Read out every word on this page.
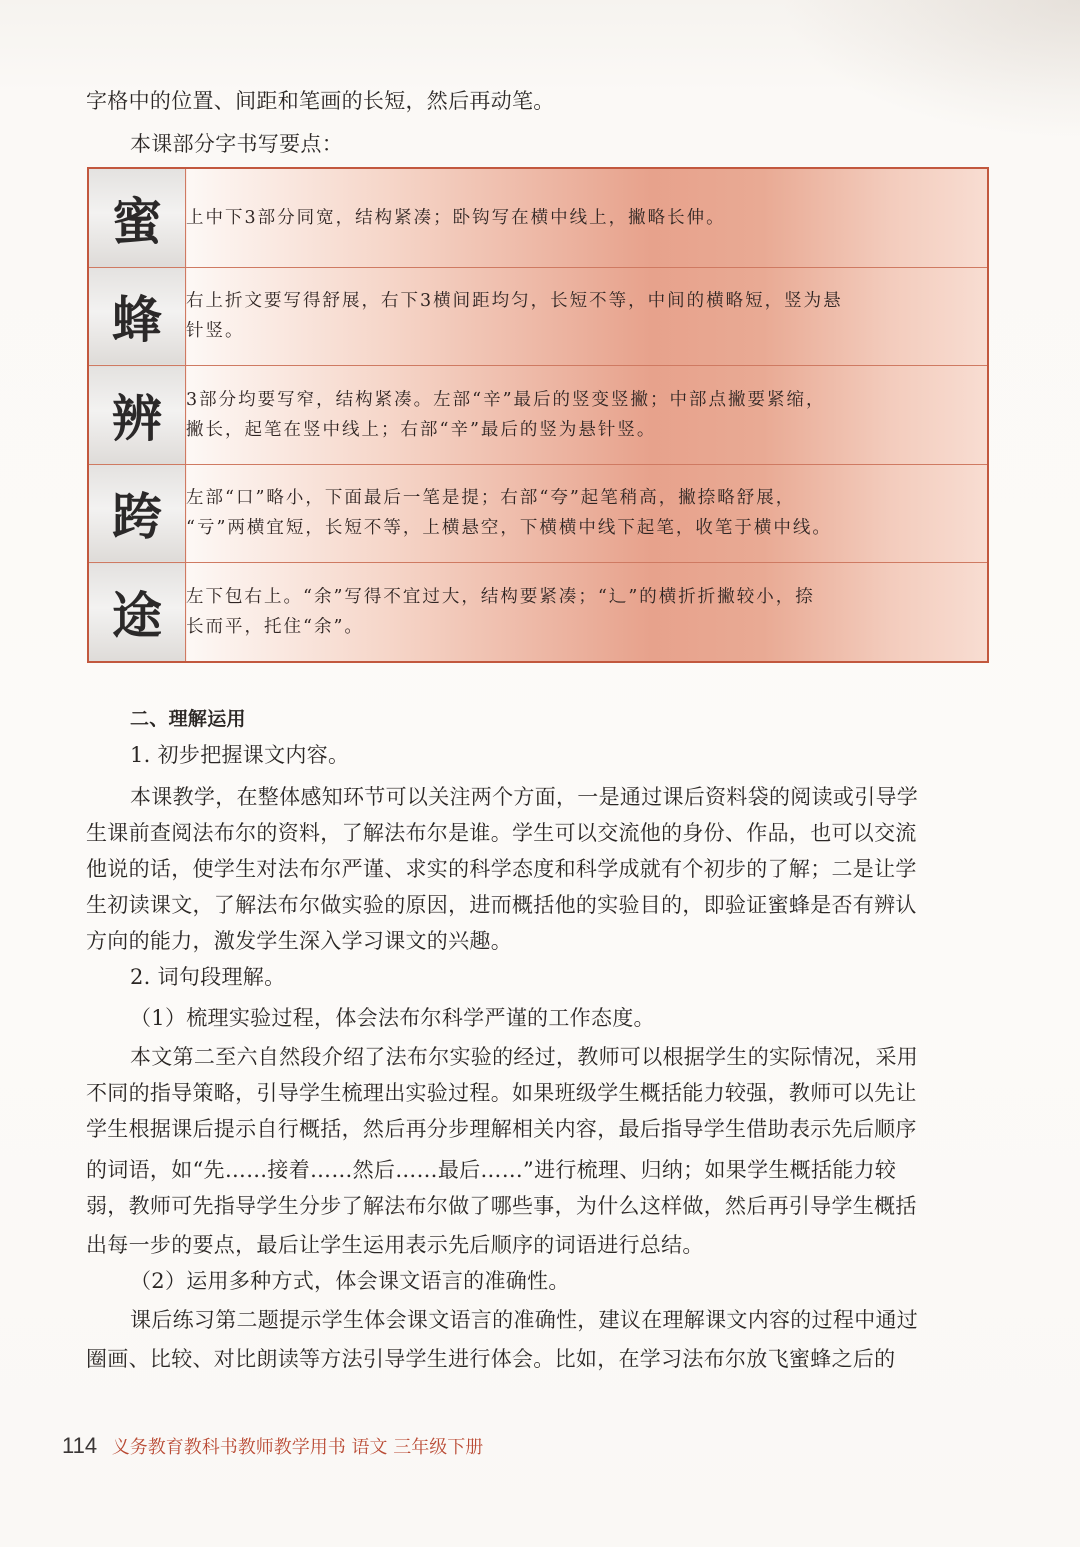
字格中的位置、间距和笔画的长短，然后再动笔。
本课部分字书写要点：
蜜	上中下3部分同宽，结构紧凑；卧钩写在横中线上，撇略长伸。

蜂	右上折文要写得舒展，右下3横间距均匀，长短不等，中间的横略短，竖为悬
针竖。

辨	3部分均要写窄，结构紧凑。左部“辛”最后的竖变竖撇；中部点撇要紧缩，
撇长，起笔在竖中线上；右部“辛”最后的竖为悬针竖。

跨	左部“口”略小，下面最后一笔是提；右部“夸”起笔稍高，撇捺略舒展，
“亏”两横宜短，长短不等，上横悬空，下横横中线下起笔，收笔于横中线。

途	左下包右上。“余”写得不宜过大，结构要紧凑；“辶”的横折折撇较小，捺
长而平，托住“余”。
二、理解运用
1. 初步把握课文内容。
本课教学，在整体感知环节可以关注两个方面，一是通过课后资料袋的阅读或引导学
生课前查阅法布尔的资料，了解法布尔是谁。学生可以交流他的身份、作品，也可以交流
他说的话，使学生对法布尔严谨、求实的科学态度和科学成就有个初步的了解；二是让学
生初读课文，了解法布尔做实验的原因，进而概括他的实验目的，即验证蜜蜂是否有辨认
方向的能力，激发学生深入学习课文的兴趣。
2. 词句段理解。
（1）梳理实验过程，体会法布尔科学严谨的工作态度。
本文第二至六自然段介绍了法布尔实验的经过，教师可以根据学生的实际情况，采用
不同的指导策略，引导学生梳理出实验过程。如果班级学生概括能力较强，教师可以先让
学生根据课后提示自行概括，然后再分步理解相关内容，最后指导学生借助表示先后顺序
的词语，如“先……接着……然后……最后……”进行梳理、归纳；如果学生概括能力较
弱，教师可先指导学生分步了解法布尔做了哪些事，为什么这样做，然后再引导学生概括
出每一步的要点，最后让学生运用表示先后顺序的词语进行总结。
（2）运用多种方式，体会课文语言的准确性。
课后练习第二题提示学生体会课文语言的准确性，建议在理解课文内容的过程中通过
圈画、比较、对比朗读等方法引导学生进行体会。比如，在学习法布尔放飞蜜蜂之后的
114 义务教育教科书教师教学用书 语文 三年级下册
